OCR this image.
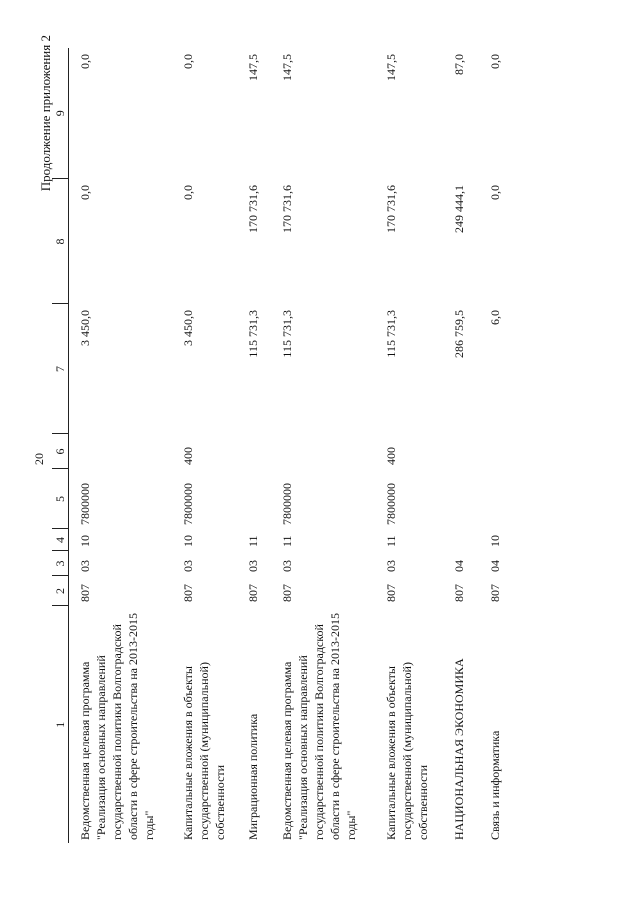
20
Продолжение приложения 2
1	2	3	4	5	6	7	8	9
Ведомственная целевая программа "Реализация основных направлений государственной политики Волгоградской области в сфере строительства на 2013-2015 годы"	807	03	10	7800000		3 450,0	0,0	0,0
Капитальные вложения в объекты государственной (муниципальной) собственности	807	03	10	7800000	400	3 450,0	0,0	0,0
Миграционная политика	807	03	11			115 731,3	170 731,6	147,5
Ведомственная целевая программа "Реализация основных направлений государственной политики Волгоградской области в сфере строительства на 2013-2015 годы"	807	03	11	7800000		115 731,3	170 731,6	147,5
Капитальные вложения в объекты государственной (муниципальной) собственности	807	03	11	7800000	400	115 731,3	170 731,6	147,5
НАЦИОНАЛЬНАЯ ЭКОНОМИКА	807	04				286 759,5	249 444,1	87,0
Связь и информатика	807	04	10			6,0	0,0	0,0
